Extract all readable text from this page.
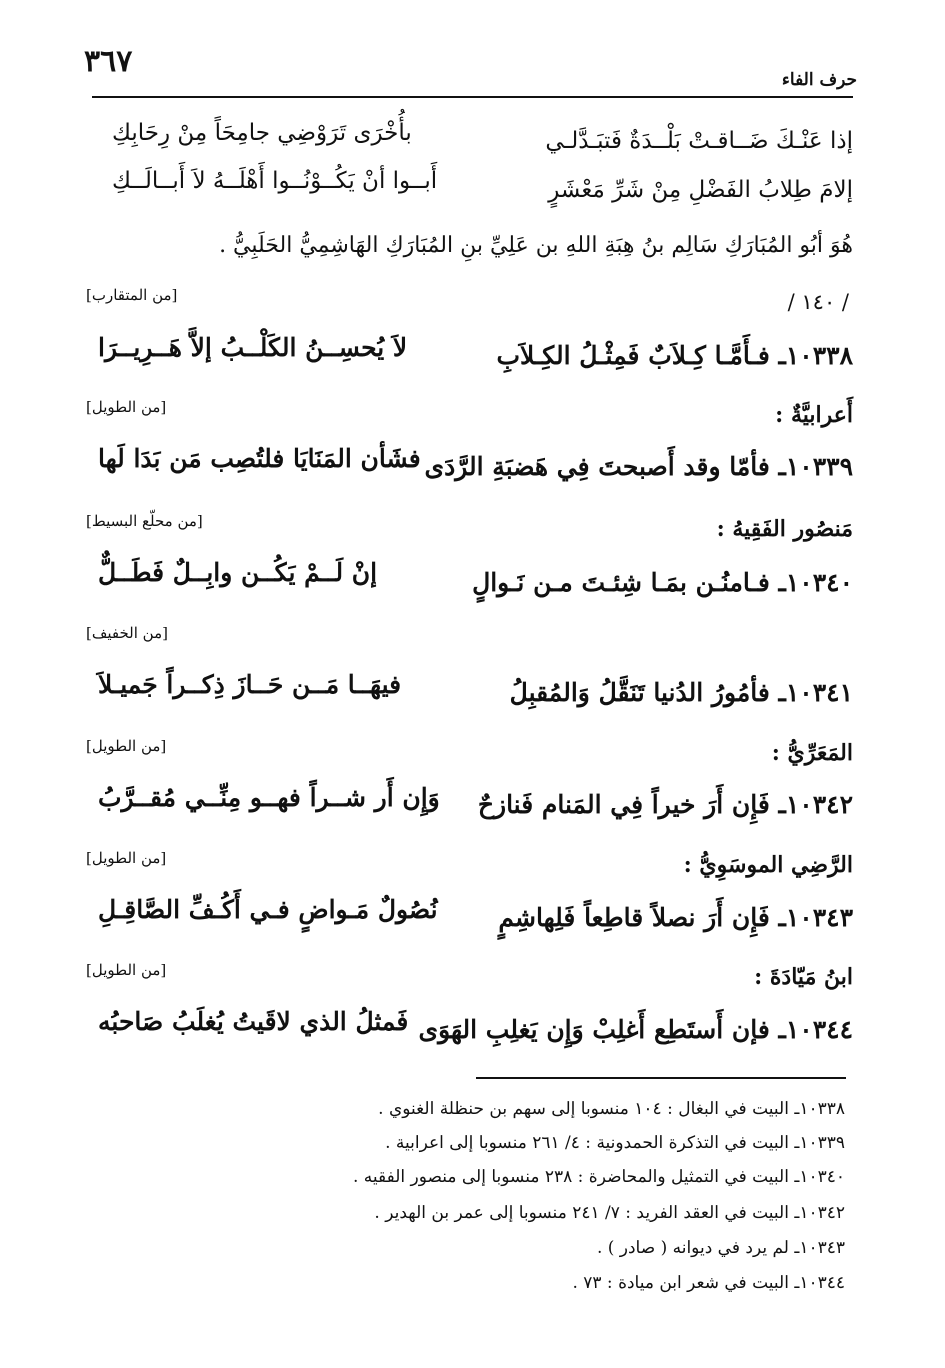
٣٦٧
حرف الفاء
إذا عَنْـكَ ضَــاقـتْ بَلْــدَةٌ فَتبَـدَّلـي
بأُخْرَى تَرَوْضِي جامِحَاً مِنْ رِحَابِكِ
إلامَ طِلابُ الفَضْلِ مِنْ شَرِّ مَعْشَرٍ
أَبــوا أنْ يَكُــوْنُــوا أَهْلَــهُ لاَ أَبــالَــكِ
هُوَ أبُو المُبَارَكِ سَالِم بنُ هِبَةِ اللهِ بن عَلِيِّ بنِ المُبَارَكِ الهَاشِمِيُّ الحَلَبِيُّ .
/ ١٤٠ /
[من المتقارب]
١٠٣٣٨ـ فـأَمَّـا كِـلاَبٌ فَمِثْـلُ الكِـلاَبِ
لاَ يُحسِــنُ الكَلْــبُ إلاَّ هَــرِيــرَا
[من الطويل]	أَعرابيَّةٌ :
١٠٣٣٩ـ فأمّا وقد أَصبحتَ فِي هَضبَةِ الرَّدَى
فشَأن المَنَايَا فلتُصِب مَن بَدَا لَها
[من محلّع البسيط]	مَنصُور الفَقِيهُ :
١٠٣٤٠ـ فـامنُـن بمَـا شِئـتَ مـن نَـوالٍ
إنْ لَــمْ يَكُــن وابِــلٌ فَطَــلٌّ
[من الخفيف]
١٠٣٤١ـ فأمُورُ الدُنيا تَنَقَّلُ وَالمُقبِلُ
فيهَــا مَــن حَــازَ ذِكــراً جَميـلاَ
[من الطويل]	المَعَرِّيُّ :
١٠٣٤٢ـ فَإِن أَرَ خيراً فِي المَنام فَنازحٌ
وَإِن أَر شــراً فهــو مِنِّــي مُقــرَّبُ
[من الطويل]	الرَّضِي الموسَوِيُّ :
١٠٣٤٣ـ فَإِن أَرَ نصلاً قاطِعاً فَلِهاشِمٍ
نُصُولٌ مَـواضٍ فـي أَكُـفِّ الصَّاقِـلِ
[من الطويل]	ابنُ مَيّادَةَ :
١٠٣٤٤ـ فإن أَستَطِع أَغلِبْ وَإِن يَغلِبِ الهَوَى
فَمثلُ الذي لاقَيتُ يُغلَبُ صَاحبُه
١٠٣٣٨ـ البيت في البغال : ١٠٤ منسوبا إلى سهم بن حنظلة الغنوي .
١٠٣٣٩ـ البيت في التذكرة الحمدونية : ٤/ ٢٦١ منسوبا إلى اعرابية .
١٠٣٤٠ـ البيت في التمثيل والمحاضرة : ٢٣٨ منسوبا إلى منصور الفقيه .
١٠٣٤٢ـ البيت في العقد الفريد : ٧/ ٢٤١ منسوبا إلى عمر بن الهدير .
١٠٣٤٣ـ لم يرد في ديوانه ( صادر ) .
١٠٣٤٤ـ البيت في شعر ابن ميادة : ٧٣ .
